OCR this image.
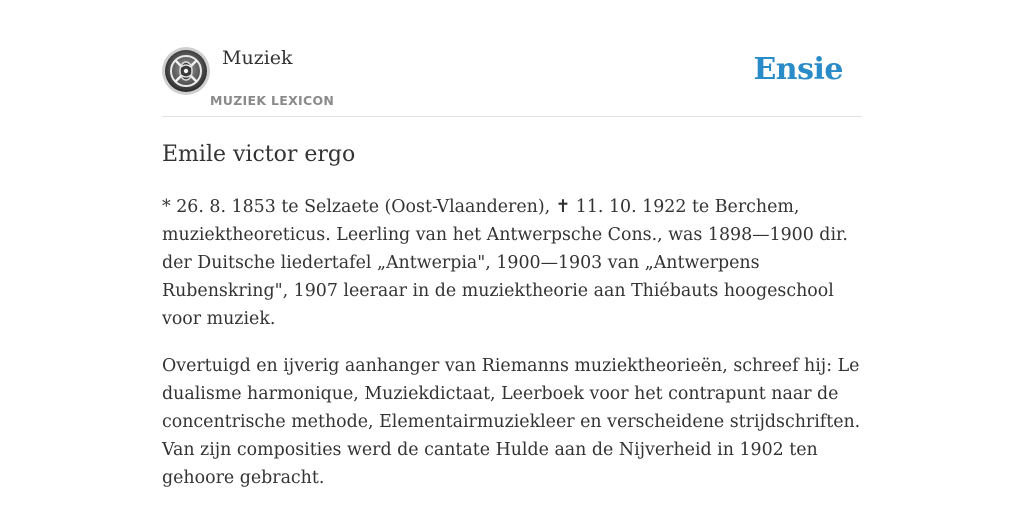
Muziek
MUZIEK LEXICON
Ensie
Emile victor ergo

* 26. 8. 1853 te Selzaete (Oost-Vlaanderen), ✝ 11. 10. 1922 te Berchem, muziektheoreticus. Leerling van het Antwerpsche Cons., was 1898—1900 dir. der Duitsche liedertafel „Antwerpia", 1900—1903 van „Antwerpens Rubenskring", 1907 leeraar in de muziektheorie aan Thiébauts hoogeschool voor muziek.

Overtuigd en ijverig aanhanger van Riemanns muziektheorieën, schreef hij: Le dualisme harmonique, Muziekdictaat, Leerboek voor het contrapunt naar de concentrische methode, Elementairmuziekleer en verscheidene strijdschriften. Van zijn composities werd de cantate Hulde aan de Nijverheid in 1902 ten gehoore gebracht.
